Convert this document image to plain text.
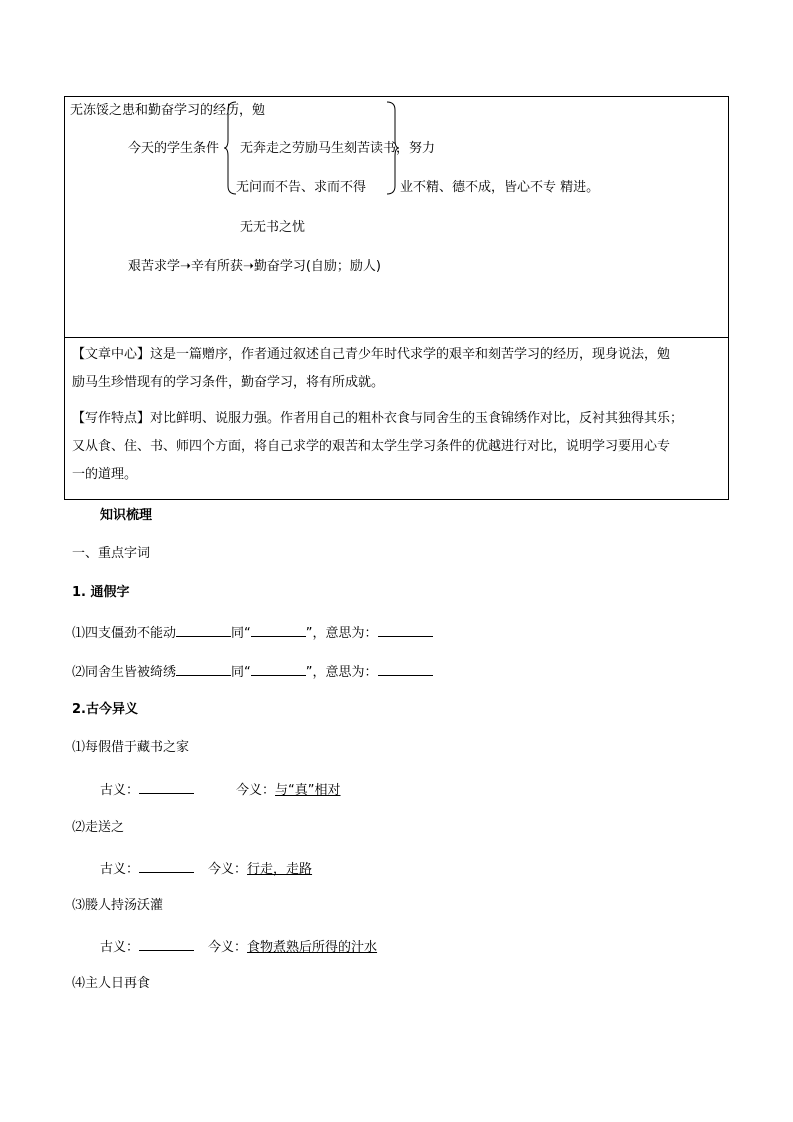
无冻馁之患和勤奋学习的经历，勉
今天的学生条件 无奔走之劳励马生刻苦读书，努力
无问而不告、求而不得	业不精、德不成，皆心不专 精进。
无无书之忧
艰苦求学➝辛有所获➝勤奋学习(自励；励人)
【文章中心】这是一篇赠序，作者通过叙述自己青少年时代求学的艰辛和刻苦学习的经历，现身说法，勉
励马生珍惜现有的学习条件，勤奋学习，将有所成就。
【写作特点】对比鲜明、说服力强。作者用自己的粗朴衣食与同舍生的玉食锦绣作对比，反衬其独得其乐；
又从食、住、书、师四个方面，将自己求学的艰苦和太学生学习条件的优越进行对比，说明学习要用心专
一的道理。
知识梳理
一、重点字词
1. 通假字
⑴四支僵劲不能动	同“	”，意思为：
⑵同舍生皆被绮绣	同“	”，意思为：
2.古今异义
⑴每假借于藏书之家
古义：	今义：与“真”相对
⑵走送之
古义：	今义：行走，走路
⑶媵人持汤沃灌
古义：	今义：食物煮熟后所得的汁水
⑷主人日再食
